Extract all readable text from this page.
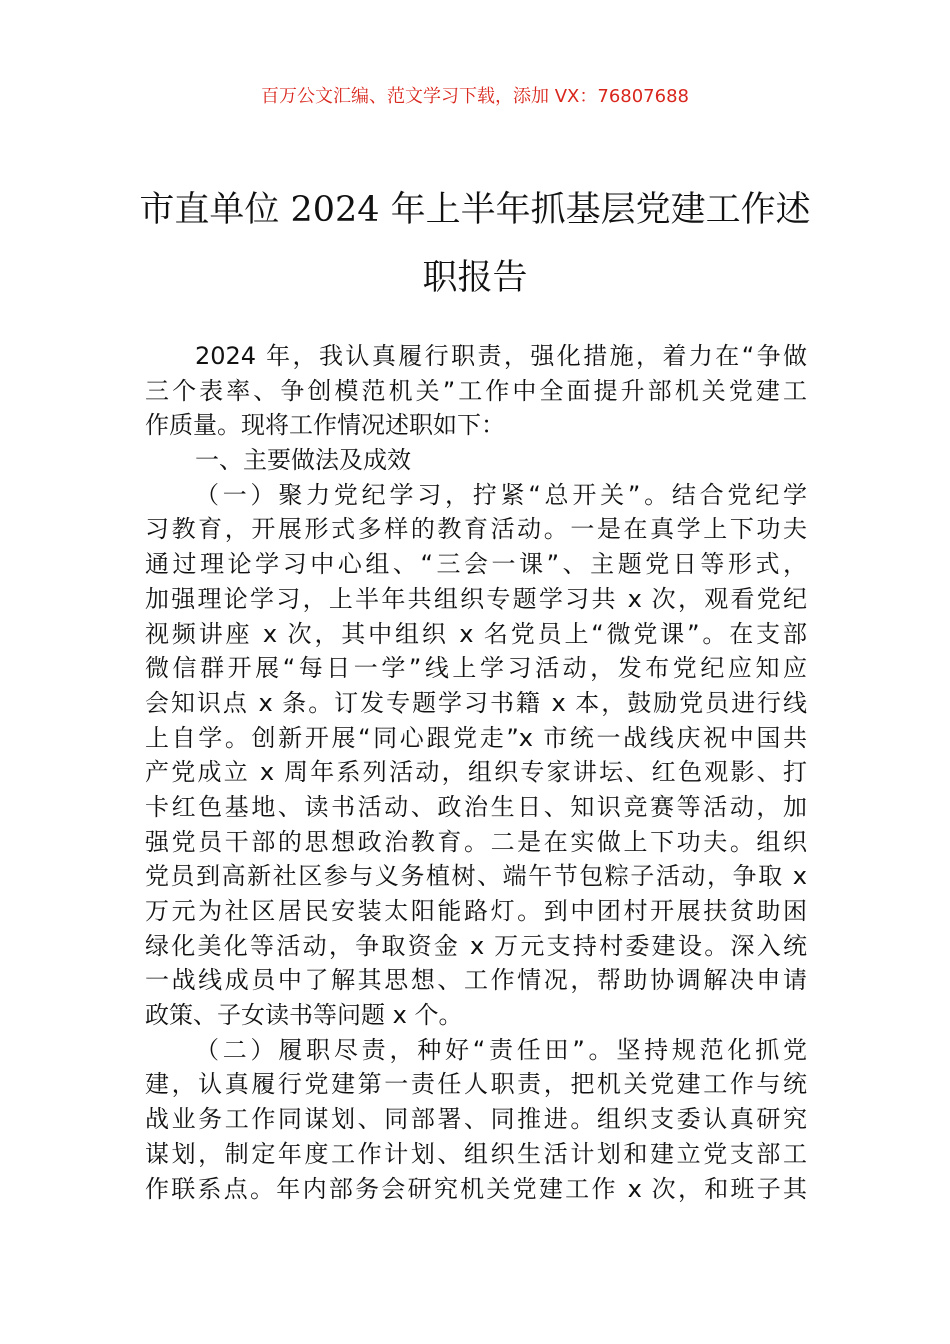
百万公文汇编、范文学习下载，添加 VX：76807688
市直单位 2024 年上半年抓基层党建工作述
职报告
2024 年，我认真履行职责，强化措施，着力在“争做
三个表率、争创模范机关”工作中全面提升部机关党建工
作质量。现将工作情况述职如下：
一、主要做法及成效
（一）聚力党纪学习，拧紧“总开关”。结合党纪学
习教育，开展形式多样的教育活动。一是在真学上下功夫
通过理论学习中心组、“三会一课”、主题党日等形式，
加强理论学习，上半年共组织专题学习共 x 次，观看党纪
视频讲座 x 次，其中组织 x 名党员上“微党课”。在支部
微信群开展“每日一学”线上学习活动，发布党纪应知应
会知识点 x 条。订发专题学习书籍 x 本，鼓励党员进行线
上自学。创新开展“同心跟党走”x 市统一战线庆祝中国共
产党成立 x 周年系列活动，组织专家讲坛、红色观影、打
卡红色基地、读书活动、政治生日、知识竞赛等活动，加
强党员干部的思想政治教育。二是在实做上下功夫。组织
党员到高新社区参与义务植树、端午节包粽子活动，争取 x
万元为社区居民安装太阳能路灯。到中团村开展扶贫助困
绿化美化等活动，争取资金 x 万元支持村委建设。深入统
一战线成员中了解其思想、工作情况，帮助协调解决申请
政策、子女读书等问题 x 个。
（二）履职尽责，种好“责任田”。坚持规范化抓党
建，认真履行党建第一责任人职责，把机关党建工作与统
战业务工作同谋划、同部署、同推进。组织支委认真研究
谋划，制定年度工作计划、组织生活计划和建立党支部工
作联系点。年内部务会研究机关党建工作 x 次，和班子其
